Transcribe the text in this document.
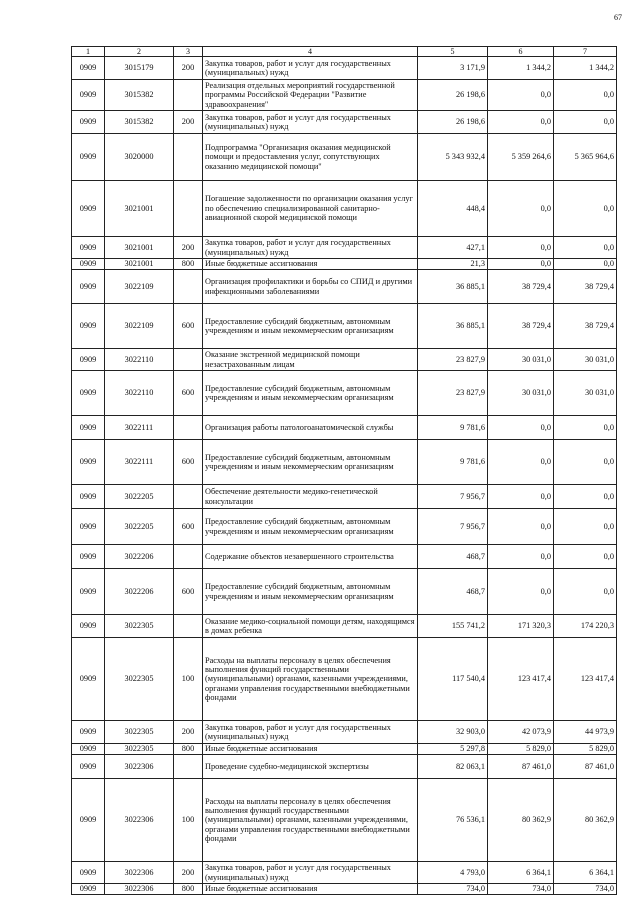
67
1	2	3	4	5	6	7
0909	3015179	200	Закупка товаров, работ и услуг для государственных (муниципальных) нужд	3 171,9	1 344,2	1 344,2
0909	3015382		Реализация отдельных мероприятий государственной программы Российской Федерации "Развитие здравоохранения"	26 198,6	0,0	0,0
0909	3015382	200	Закупка товаров, работ и услуг для государственных (муниципальных) нужд	26 198,6	0,0	0,0
0909	3020000		Подпрограмма "Организация оказания медицинской помощи и предоставления услуг, сопутствующих оказанию медицинской помощи"	5 343 932,4	5 359 264,6	5 365 964,6
0909	3021001		Погашение задолженности по организации оказания услуг по обеспечению специализированной санитарно-авиационной скорой медицинской помощи	448,4	0,0	0,0
0909	3021001	200	Закупка товаров, работ и услуг для государственных (муниципальных) нужд	427,1	0,0	0,0
0909	3021001	800	Иные бюджетные ассигнования	21,3	0,0	0,0
0909	3022109		Организация профилактики и борьбы со СПИД и другими инфекционными заболеваниями	36 885,1	38 729,4	38 729,4
0909	3022109	600	Предоставление субсидий бюджетным, автономным учреждениям и иным некоммерческим организациям	36 885,1	38 729,4	38 729,4
0909	3022110		Оказание экстренной медицинской помощи незастрахованным лицам	23 827,9	30 031,0	30 031,0
0909	3022110	600	Предоставление субсидий бюджетным, автономным учреждениям и иным некоммерческим организациям	23 827,9	30 031,0	30 031,0
0909	3022111		Организация работы патологоанатомической службы	9 781,6	0,0	0,0
0909	3022111	600	Предоставление субсидий бюджетным, автономным учреждениям и иным некоммерческим организациям	9 781,6	0,0	0,0
0909	3022205		Обеспечение деятельности медико-генетической консультации	7 956,7	0,0	0,0
0909	3022205	600	Предоставление субсидий бюджетным, автономным учреждениям и иным некоммерческим организациям	7 956,7	0,0	0,0
0909	3022206		Содержание объектов незавершенного строительства	468,7	0,0	0,0
0909	3022206	600	Предоставление субсидий бюджетным, автономным учреждениям и иным некоммерческим организациям	468,7	0,0	0,0
0909	3022305		Оказание медико-социальной помощи детям, находящимся в домах ребенка	155 741,2	171 320,3	174 220,3
0909	3022305	100	Расходы на выплаты персоналу в целях обеспечения выполнения функций государственными (муниципальными) органами, казенными учреждениями, органами управления государственными внебюджетными фондами	117 540,4	123 417,4	123 417,4
0909	3022305	200	Закупка товаров, работ и услуг для государственных (муниципальных) нужд	32 903,0	42 073,9	44 973,9
0909	3022305	800	Иные бюджетные ассигнования	5 297,8	5 829,0	5 829,0
0909	3022306		Проведение судебно-медицинской экспертизы	82 063,1	87 461,0	87 461,0
0909	3022306	100	Расходы на выплаты персоналу в целях обеспечения выполнения функций государственными (муниципальными) органами, казенными учреждениями, органами управления государственными внебюджетными фондами	76 536,1	80 362,9	80 362,9
0909	3022306	200	Закупка товаров, работ и услуг для государственных (муниципальных) нужд	4 793,0	6 364,1	6 364,1
0909	3022306	800	Иные бюджетные ассигнования	734,0	734,0	734,0
